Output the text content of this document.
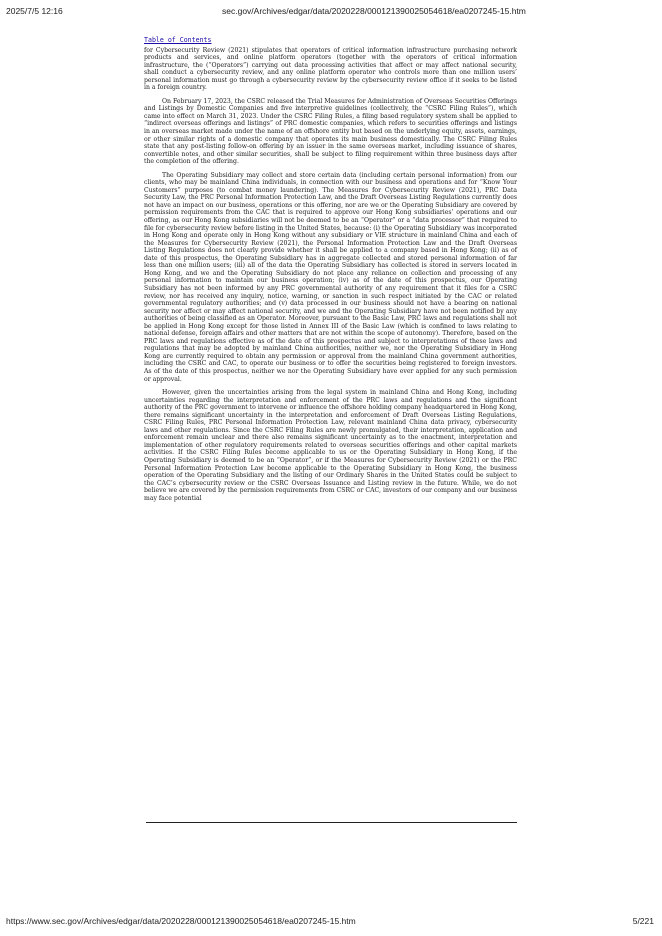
2025/7/5 12:16	sec.gov/Archives/edgar/data/2020228/000121390025054618/ea0207245-15.htm
Table of Contents

for Cybersecurity Review (2021) stipulates that operators of critical information infrastructure purchasing network products and services, and online platform operators (together with the operators of critical information infrastructure, the (“Operators”) carrying out data processing activities that affect or may affect national security, shall conduct a cybersecurity review, and any online platform operator who controls more than one million users’ personal information must go through a cybersecurity review by the cybersecurity review office if it seeks to be listed in a foreign country.

On February 17, 2023, the CSRC released the Trial Measures for Administration of Overseas Securities Offerings and Listings by Domestic Companies and five interpretive guidelines (collectively, the “CSRC Filing Rules”), which came into effect on March 31, 2023. Under the CSRC Filing Rules, a filing based regulatory system shall be applied to “indirect overseas offerings and listings” of PRC domestic companies, which refers to securities offerings and listings in an overseas market made under the name of an offshore entity but based on the underlying equity, assets, earnings, or other similar rights of a domestic company that operates its main business domestically. The CSRC Filing Rules state that any post-listing follow-on offering by an issuer in the same overseas market, including issuance of shares, convertible notes, and other similar securities, shall be subject to filing requirement within three business days after the completion of the offering.

The Operating Subsidiary may collect and store certain data (including certain personal information) from our clients, who may be mainland China individuals, in connection with our business and operations and for “Know Your Customers” purposes (to combat money laundering). The Measures for Cybersecurity Review (2021), PRC Data Security Law, the PRC Personal Information Protection Law, and the Draft Overseas Listing Regulations currently does not have an impact on our business, operations or this offering, nor are we or the Operating Subsidiary are covered by permission requirements from the CAC that is required to approve our Hong Kong subsidiaries’ operations and our offering, as our Hong Kong subsidiaries will not be deemed to be an “Operator” or a “data processor” that required to file for cybersecurity review before listing in the United States, because: (i) the Operating Subsidiary was incorporated in Hong Kong and operate only in Hong Kong without any subsidiary or VIE structure in mainland China and each of the Measures for Cybersecurity Review (2021), the Personal Information Protection Law and the Draft Overseas Listing Regulations does not clearly provide whether it shall be applied to a company based in Hong Kong; (ii) as of date of this prospectus, the Operating Subsidiary has in aggregate collected and stored personal information of far less than one million users; (iii) all of the data the Operating Subsidiary has collected is stored in servers located in Hong Kong, and we and the Operating Subsidiary do not place any reliance on collection and processing of any personal information to maintain our business operation; (iv) as of the date of this prospectus, our Operating Subsidiary has not been informed by any PRC governmental authority of any requirement that it files for a CSRC review, nor has received any inquiry, notice, warning, or sanction in such respect initiated by the CAC or related governmental regulatory authorities; and (v) data processed in our business should not have a bearing on national security nor affect or may affect national security, and we and the Operating Subsidiary have not been notified by any authorities of being classified as an Operator. Moreover, pursuant to the Basic Law, PRC laws and regulations shall not be applied in Hong Kong except for those listed in Annex III of the Basic Law (which is confined to laws relating to national defense, foreign affairs and other matters that are not within the scope of autonomy). Therefore, based on the PRC laws and regulations effective as of the date of this prospectus and subject to interpretations of these laws and regulations that may be adopted by mainland China authorities, neither we, nor the Operating Subsidiary in Hong Kong are currently required to obtain any permission or approval from the mainland China government authorities, including the CSRC and CAC, to operate our business or to offer the securities being registered to foreign investors. As of the date of this prospectus, neither we nor the Operating Subsidiary have ever applied for any such permission or approval.

However, given the uncertainties arising from the legal system in mainland China and Hong Kong, including uncertainties regarding the interpretation and enforcement of the PRC laws and regulations and the significant authority of the PRC government to intervene or influence the offshore holding company headquartered in Hong Kong, there remains significant uncertainty in the interpretation and enforcement of Draft Overseas Listing Regulations, CSRC Filing Rules, PRC Personal Information Protection Law, relevant mainland China data privacy, cybersecurity laws and other regulations. Since the CSRC Filing Rules are newly promulgated, their interpretation, application and enforcement remain unclear and there also remains significant uncertainty as to the enactment, interpretation and implementation of other regulatory requirements related to overseas securities offerings and other capital markets activities. If the CSRC Filing Rules become applicable to us or the Operating Subsidiary in Hong Kong, if the Operating Subsidiary is deemed to be an “Operator”, or if the Measures for Cybersecurity Review (2021) or the PRC Personal Information Protection Law become applicable to the Operating Subsidiary in Hong Kong, the business operation of the Operating Subsidiary and the listing of our Ordinary Shares in the United States could be subject to the CAC’s cybersecurity review or the CSRC Overseas Issuance and Listing review in the future. While, we do not believe we are covered by the permission requirements from CSRC or CAC, investors of our company and our business may face potential

https://www.sec.gov/Archives/edgar/data/2020228/000121390025054618/ea0207245-15.htm	5/221
